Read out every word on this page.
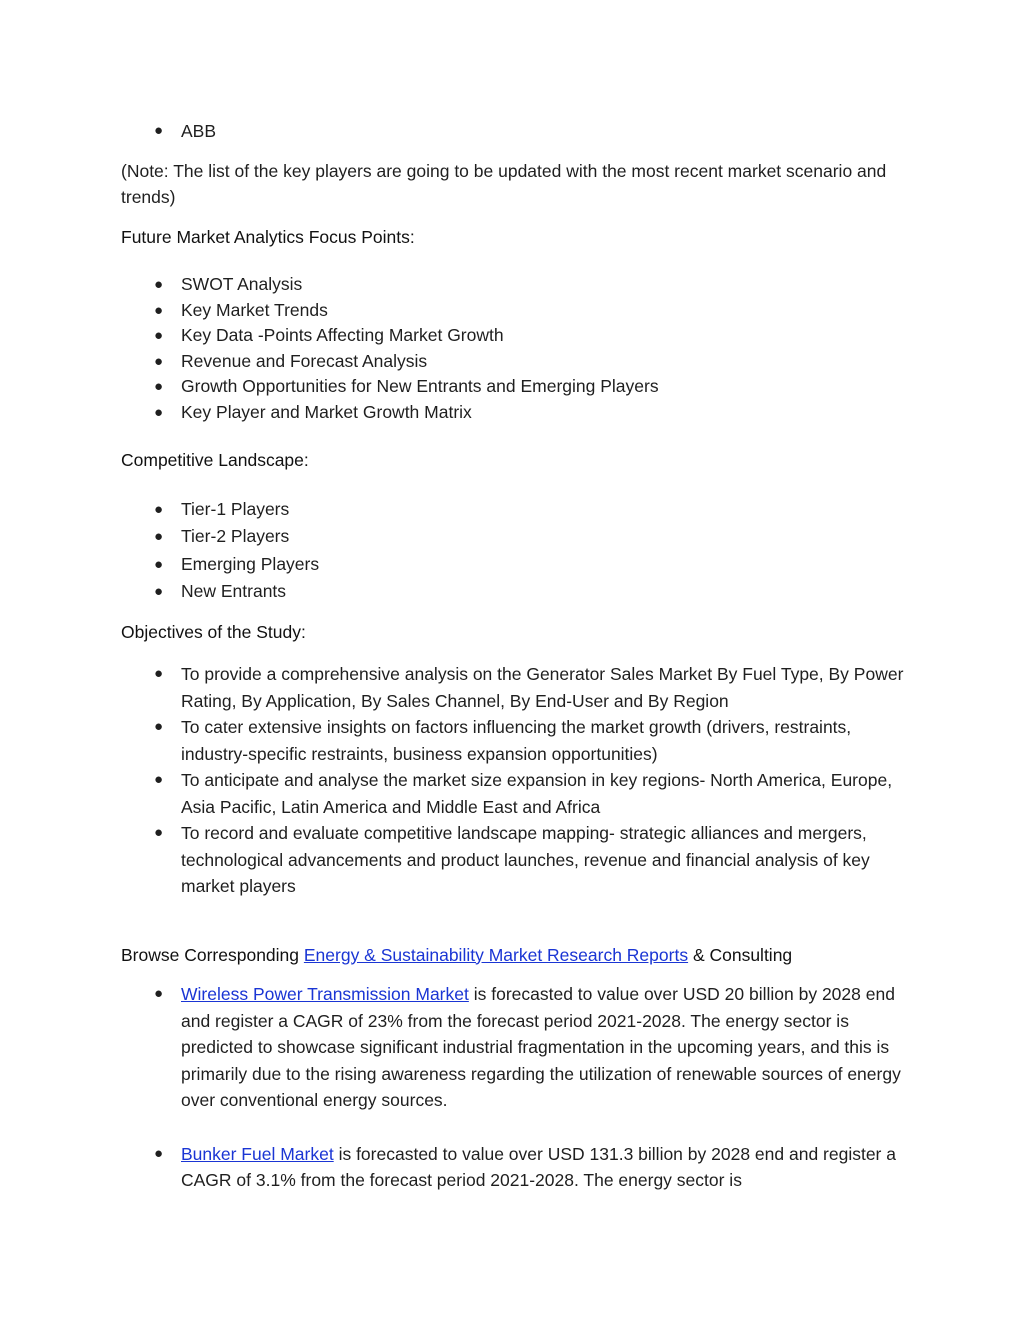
● ABB

(Note: The list of the key players are going to be updated with the most recent market scenario and trends)

Future Market Analytics Focus Points:

● SWOT Analysis
● Key Market Trends
● Key Data -Points Affecting Market Growth
● Revenue and Forecast Analysis
● Growth Opportunities for New Entrants and Emerging Players
● Key Player and Market Growth Matrix

Competitive Landscape:

● Tier-1 Players
● Tier-2 Players
● Emerging Players
● New Entrants

Objectives of the Study:

● To provide a comprehensive analysis on the Generator Sales Market By Fuel Type, By Power Rating, By Application, By Sales Channel, By End-User and By Region
● To cater extensive insights on factors influencing the market growth (drivers, restraints, industry-specific restraints, business expansion opportunities)
● To anticipate and analyse the market size expansion in key regions- North America, Europe, Asia Pacific, Latin America and Middle East and Africa
● To record and evaluate competitive landscape mapping- strategic alliances and mergers, technological advancements and product launches, revenue and financial analysis of key market players

Browse Corresponding Energy & Sustainability Market Research Reports & Consulting

● Wireless Power Transmission Market is forecasted to value over USD 20 billion by 2028 end and register a CAGR of 23% from the forecast period 2021-2028. The energy sector is predicted to showcase significant industrial fragmentation in the upcoming years, and this is primarily due to the rising awareness regarding the utilization of renewable sources of energy over conventional energy sources.
● Bunker Fuel Market is forecasted to value over USD 131.3 billion by 2028 end and register a CAGR of 3.1% from the forecast period 2021-2028. The energy sector is
